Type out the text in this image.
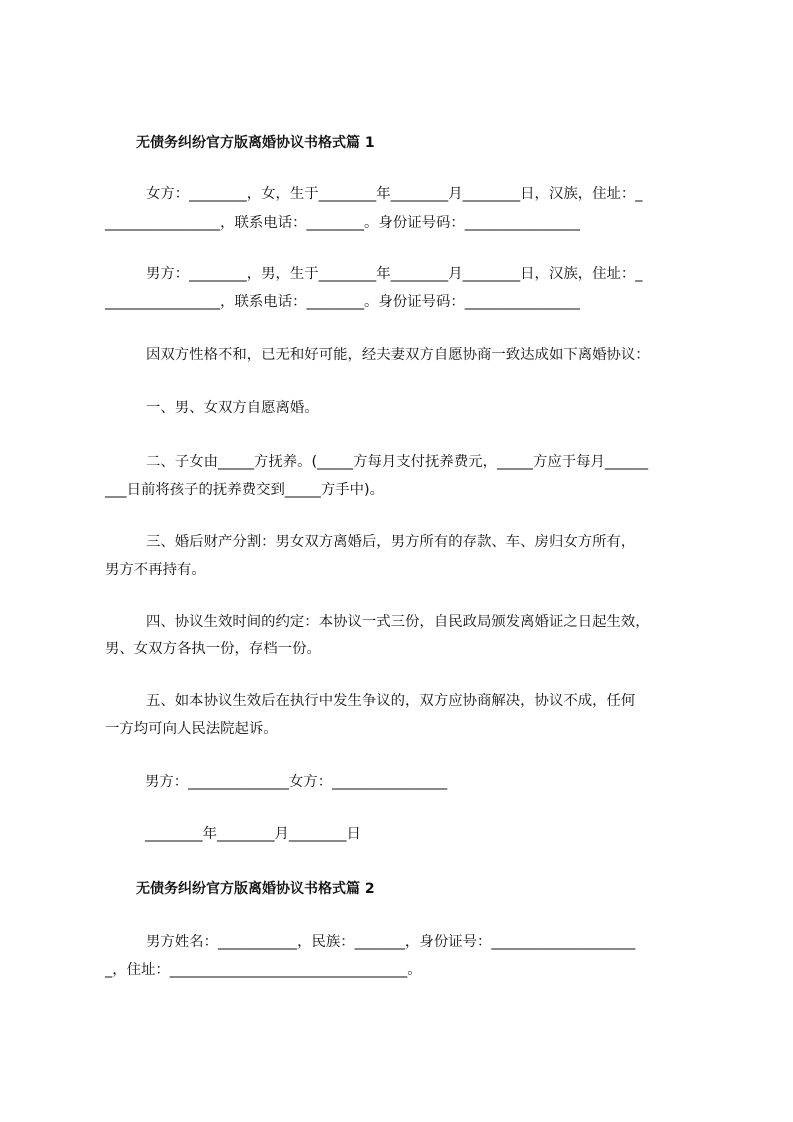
无债务纠纷官方版离婚协议书格式篇 1
女方：________，女，生于________年________月________日，汉族，住址：_
________________，联系电话：________。身份证号码：________________
男方：________，男，生于________年________月________日，汉族，住址：_
________________，联系电话：________。身份证号码：________________
因双方性格不和，已无和好可能，经夫妻双方自愿协商一致达成如下离婚协议：
一、男、女双方自愿离婚。
二、子女由_____方抚养。(_____方每月支付抚养费元，_____方应于每月______
___日前将孩子的抚养费交到_____方手中)。
三、婚后财产分割：男女双方离婚后，男方所有的存款、车、房归女方所有，
男方不再持有。
四、协议生效时间的约定：本协议一式三份，自民政局颁发离婚证之日起生效，
男、女双方各执一份，存档一份。
五、如本协议生效后在执行中发生争议的，双方应协商解决，协议不成，任何
一方均可向人民法院起诉。
男方：______________女方：________________
________年________月________日
无债务纠纷官方版离婚协议书格式篇 2
男方姓名：___________，民族：_______，身份证号：____________________
_，住址：_________________________________。
